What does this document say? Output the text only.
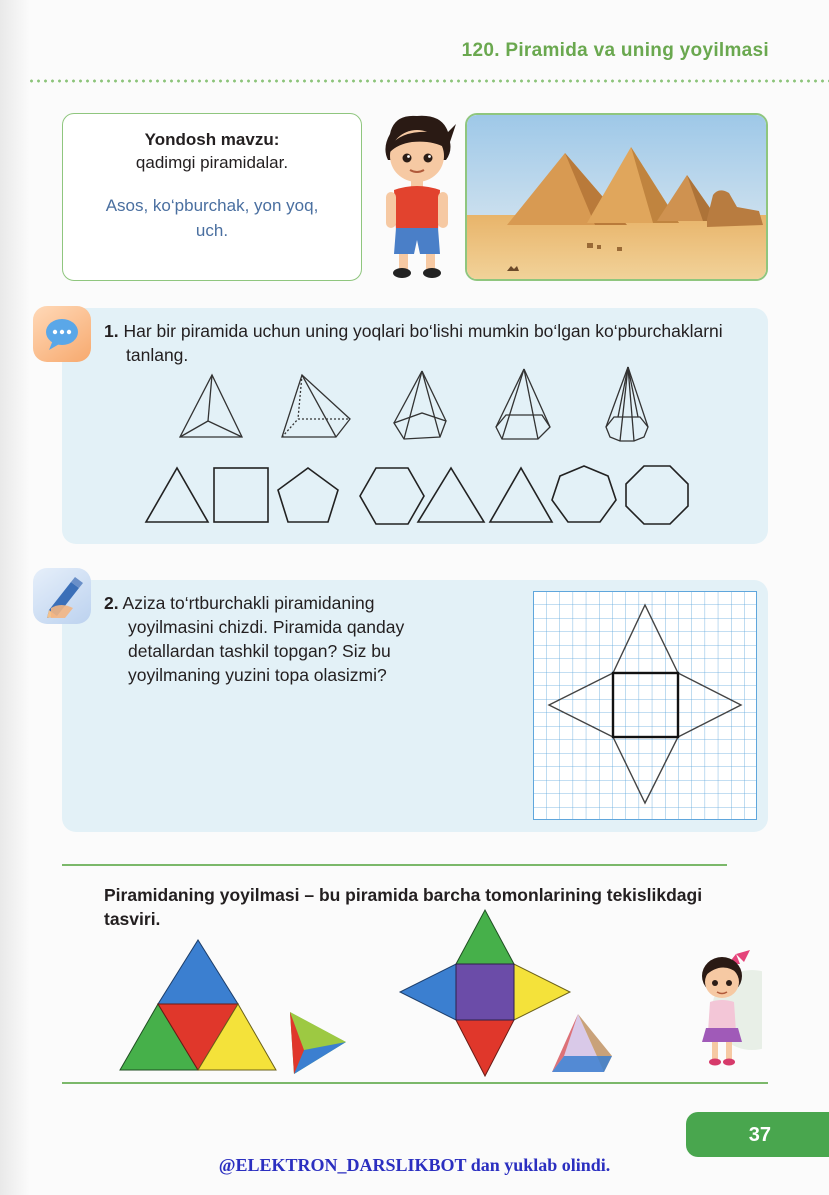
120. Piramida va uning yoyilmasi
Yondosh mavzu:
qadimgi piramidalar.
Asos, ko‘pburchak, yon yoq, uch.
1. Har bir piramida uchun uning yoqlari bo‘lishi mumkin bo‘lgan ko‘pburchaklarni tanlang.
2. Aziza to‘rtburchakli piramidaning yoyilmasini chizdi. Piramida qanday detallardan tashkil topgan? Siz bu yoyilmaning yuzini topa olasizmi?
Piramidaning yoyilmasi – bu piramida barcha tomonlarining tekislikdagi tasviri.
37
@ELEKTRON_DARSLIKBOT dan yuklab olindi.
